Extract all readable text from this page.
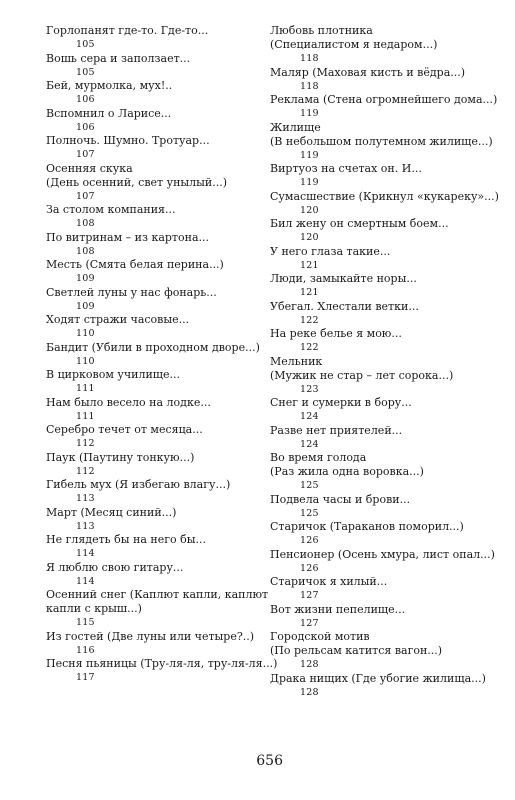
Горлопанят где-то. Где-то...
105
Вошь сера и заползает...
105
Бей, мурмолка, мух!..
106
Вспомнил о Ларисе...
106
Полночь. Шумно. Тротуар...
107
Осенняя скука
(День осенний, свет унылый...)
107
За столом компания...
108
По витринам – из картона...
108
Месть (Смята белая перина...)
109
Светлей луны у нас фонарь...
109
Ходят стражи часовые...
110
Бандит (Убили в проходном дворе...)
110
В цирковом училище...
111
Нам было весело на лодке...
111
Серебро течет от месяца...
112
Паук (Паутину тонкую...)
112
Гибель мух (Я избегаю влагу...)
113
Март (Месяц синий...)
113
Не глядеть бы на него бы...
114
Я люблю свою гитару...
114
Осенний снег (Каплют капли, каплют
капли с крыш...)
115
Из гостей (Две луны или четыре?..)
116
Песня пьяницы (Тру-ля-ля, тру-ля-ля...)
117
Любовь плотника
(Специалистом я недаром...)
118
Маляр (Маховая кисть и вёдра...)
118
Реклама (Стена огромнейшего дома...)
119
Жилище
(В небольшом полутемном жилище...)
119
Виртуоз на счетах он. И...
119
Сумасшествие (Крикнул «кукареку»...)
120
Бил жену он смертным боем...
120
У него глаза такие...
121
Люди, замыкайте норы...
121
Убегал. Хлестали ветки...
122
На реке белье я мою...
122
Мельник
(Мужик не стар – лет сорока...)
123
Снег и сумерки в бору...
124
Разве нет приятелей...
124
Во время голода
(Раз жила одна воровка...)
125
Подвела часы и брови...
125
Старичок (Тараканов поморил...)
126
Пенсионер (Осень хмура, лист опал...)
126
Старичок я хилый...
127
Вот жизни пепелище...
127
Городской мотив
(По рельсам катится вагон...)
128
Драка нищих (Где убогие жилища...)
128
656
